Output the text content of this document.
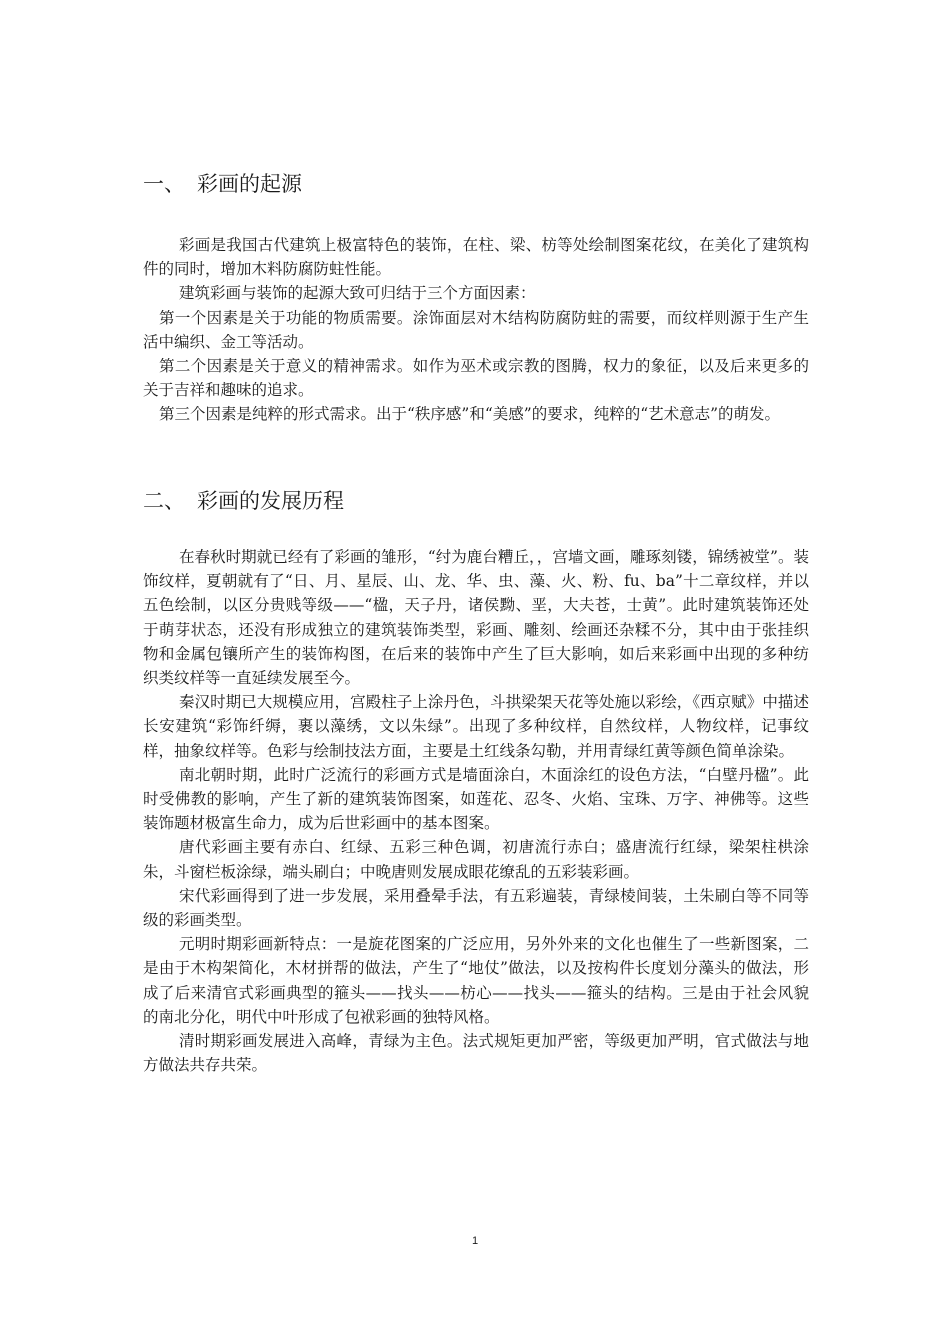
一、 彩画的起源

彩画是我国古代建筑上极富特色的装饰，在柱、梁、枋等处绘制图案花纹，在美化了建筑构件的同时，增加木料防腐防蛀性能。

建筑彩画与装饰的起源大致可归结于三个方面因素：

第一个因素是关于功能的物质需要。涂饰面层对木结构防腐防蛀的需要，而纹样则源于生产生活中编织、金工等活动。

第二个因素是关于意义的精神需求。如作为巫术或宗教的图腾，权力的象征，以及后来更多的关于吉祥和趣味的追求。

第三个因素是纯粹的形式需求。出于“秩序感”和“美感”的要求，纯粹的“艺术意志”的萌发。

二、 彩画的发展历程

在春秋时期就已经有了彩画的雏形，“纣为鹿台糟丘，，宫墙文画，雕琢刻镂，锦绣被堂”。装饰纹样，夏朝就有了“日、月、星辰、山、龙、华、虫、藻、火、粉、fu、ba”十二章纹样，并以五色绘制，以区分贵贱等级——“楹，天子丹，诸侯黝、垩，大夫苍，士黄”。此时建筑装饰还处于萌芽状态，还没有形成独立的建筑装饰类型，彩画、雕刻、绘画还杂糅不分，其中由于张挂织物和金属包镶所产生的装饰构图，在后来的装饰中产生了巨大影响，如后来彩画中出现的多种纺织类纹样等一直延续发展至今。

秦汉时期已大规模应用，宫殿柱子上涂丹色，斗拱梁架天花等处施以彩绘，《西京赋》中描述长安建筑“彩饰纤缛，裹以藻绣，文以朱绿”。出现了多种纹样，自然纹样，人物纹样，记事纹样，抽象纹样等。色彩与绘制技法方面，主要是土红线条勾勒，并用青绿红黄等颜色简单涂染。

南北朝时期，此时广泛流行的彩画方式是墙面涂白，木面涂红的设色方法，“白壁丹楹”。此时受佛教的影响，产生了新的建筑装饰图案，如莲花、忍冬、火焰、宝珠、万字、神佛等。这些装饰题材极富生命力，成为后世彩画中的基本图案。

唐代彩画主要有赤白、红绿、五彩三种色调，初唐流行赤白；盛唐流行红绿，梁架柱栱涂朱，斗窗栏板涂绿，端头刷白；中晚唐则发展成眼花缭乱的五彩装彩画。

宋代彩画得到了进一步发展，采用叠晕手法，有五彩遍装，青绿棱间装，土朱刷白等不同等级的彩画类型。

元明时期彩画新特点：一是旋花图案的广泛应用，另外外来的文化也催生了一些新图案，二是由于木构架简化，木材拼帮的做法，产生了“地仗”做法，以及按构件长度划分藻头的做法，形成了后来清官式彩画典型的箍头——找头——枋心——找头——箍头的结构。三是由于社会风貌的南北分化，明代中叶形成了包袱彩画的独特风格。

清时期彩画发展进入高峰，青绿为主色。法式规矩更加严密，等级更加严明，官式做法与地方做法共存共荣。

1
